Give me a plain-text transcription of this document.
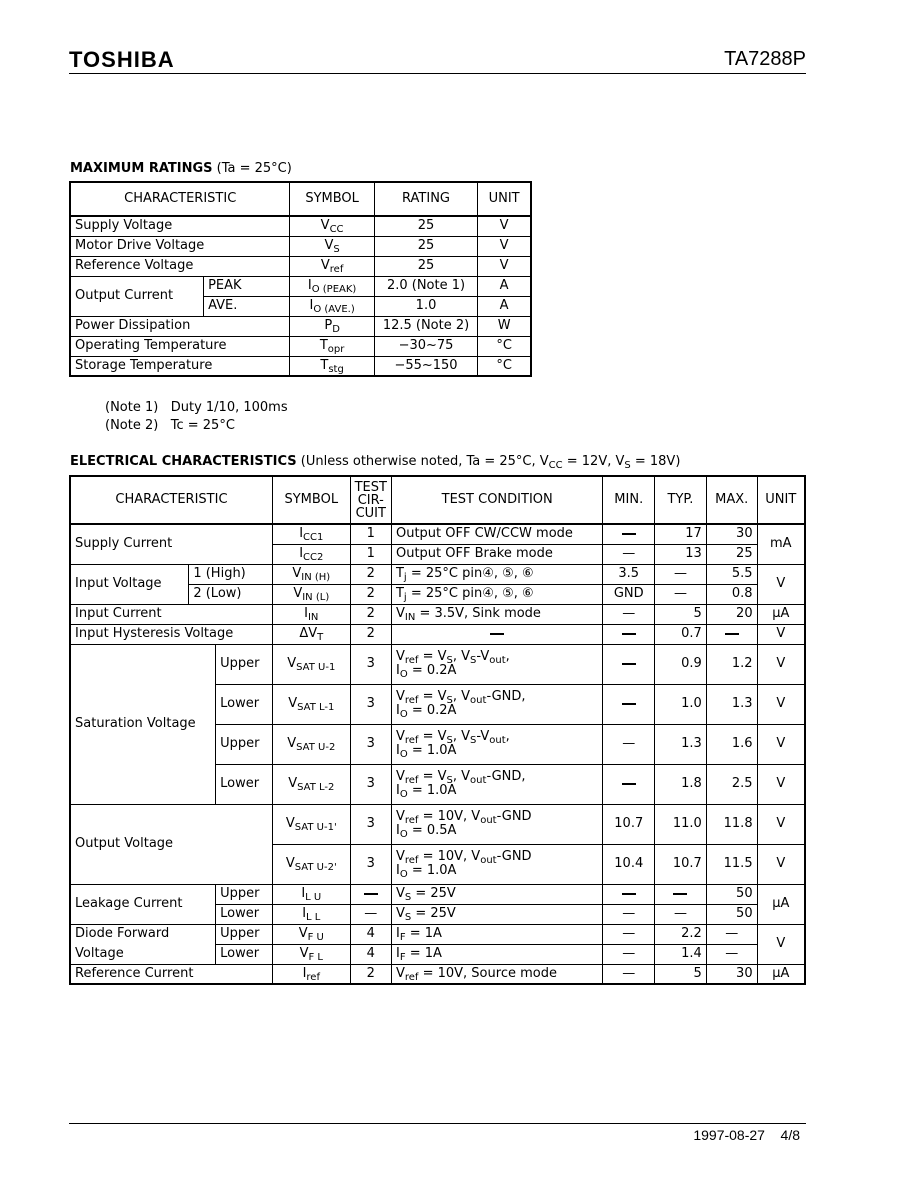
TOSHIBA	TA7288P
MAXIMUM RATINGS (Ta = 25°C)
CHARACTERISTIC		SYMBOL	RATING	UNIT
Supply Voltage		$V_{CC}$	25	V
Motor Drive Voltage		$V_S$	25	V
Reference Voltage		$V_{ref}$	25	V
Output Current	PEAK	$I_{O (PEAK)}$	2.0 (Note 1)	A
	AVE.	$I_{O (AVE.)}$	1.0	A
Power Dissipation		$P_D$	12.5 (Note 2)	W
Operating Temperature		$T_{opr}$	−30~75	°C
Storage Temperature		$T_{stg}$	−55~150	°C
(Note 1) Duty 1/10, 100ms
(Note 2) Tc = 25°C
ELECTRICAL CHARACTERISTICS (Unless otherwise noted, Ta = 25°C, $V_{CC} = 12V$, $V_S = 18V$)
CHARACTERISTIC			SYMBOL	TEST
CIR-
CUIT	TEST CONDITION	MIN.	TYP.	MAX.	UNIT
Supply Current			$I_{CC1}$	1	Output OFF CW/CCW mode		17	30	mA
			$I_{CC2}$	1	Output OFF Brake mode	—	13	25	
Input Voltage	1 (High)		$V_{IN (H)}$	2	$T_j = 25^\circ C$ pin④, ⑤, ⑥	3.5	—	5.5	V
	2 (Low)		$V_{IN (L)}$	2	$T_j = 25^\circ C$ pin④, ⑤, ⑥	GND	—	0.8	
Input Current			$I_{IN}$	2	$V_{IN} = 3.5V$, Sink mode	—	5	20	μA
Input Hysteresis Voltage			$\Delta V_T$	2			0.7		V
Saturation Voltage		Upper	$V_{SAT U-1}$	3	$V_{ref} = V_S$, $V_S-V_{out}$,
$I_O = 0.2A$		0.9	1.2	V
		Lower	$V_{SAT L-1}$	3	$V_{ref} = V_S$, $V_{out}$-GND,
$I_O = 0.2A$		1.0	1.3	V
		Upper	$V_{SAT U-2}$	3	$V_{ref} = V_S$, $V_S-V_{out}$,
$I_O = 1.0A$	—	1.3	1.6	V
		Lower	$V_{SAT L-2}$	3	$V_{ref} = V_S$, $V_{out}$-GND,
$I_O = 1.0A$		1.8	2.5	V
Output Voltage			$V_{SAT U-1'}$	3	$V_{ref} = 10V$, $V_{out}$-GND
$I_O = 0.5A$	10.7	11.0	11.8	V
			$V_{SAT U-2'}$	3	$V_{ref} = 10V$, $V_{out}$-GND
$I_O = 1.0A$	10.4	10.7	11.5	V
Leakage Current		Upper	$I_{L U}$		$V_S = 25V$			50	μA
		Lower	$I_{L L}$	—	$V_S = 25V$	—	—	50	
Diode Forward		Upper	$V_{F U}$	4	$I_F = 1A$	—	2.2	—	V
Voltage		Lower	$V_{F L}$	4	$I_F = 1A$	—	1.4	—	
Reference Current			$I_{ref}$	2	$V_{ref} = 10V$, Source mode	—	5	30	μA
1997-08-27 4/8
